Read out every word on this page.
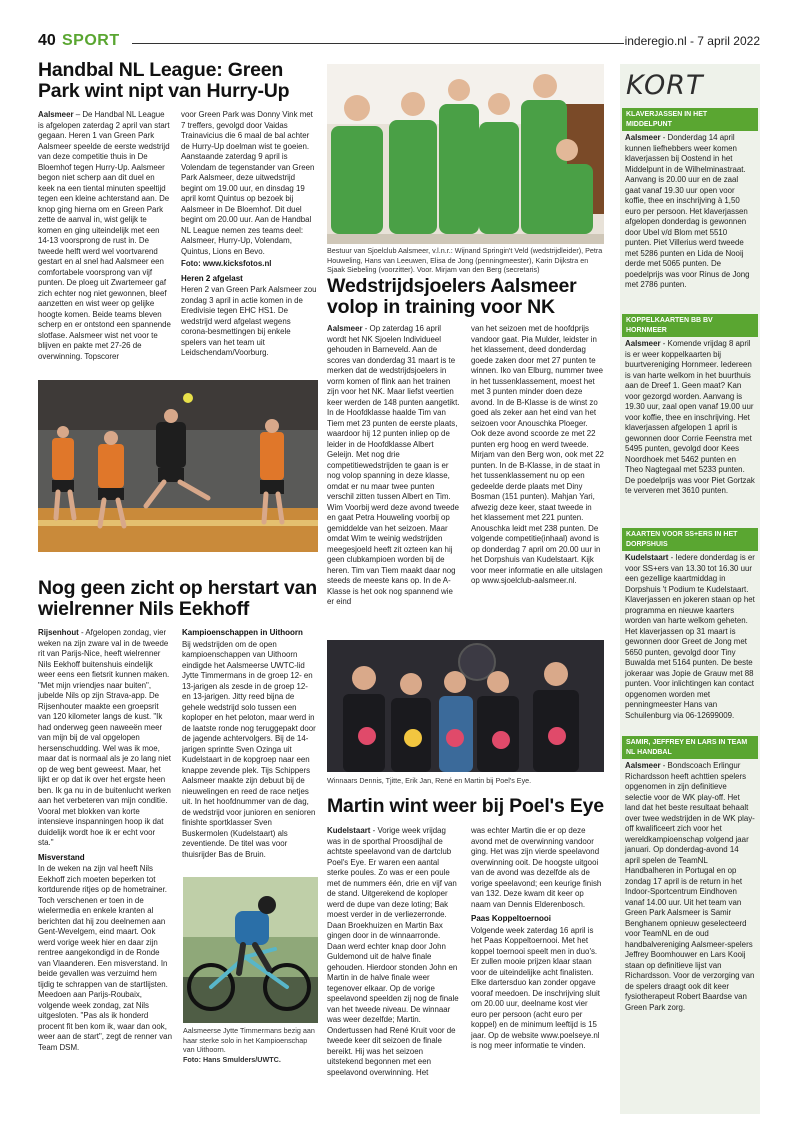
40 SPORT	inderegio.nl - 7 april 2022
Handbal NL League: Green Park wint nipt van Hurry-Up

Aalsmeer – De Handbal NL League is afgelopen zaterdag 2 april van start gegaan. Heren 1 van Green Park Aalsmeer speelde de eerste wedstrijd van deze competitie thuis in De Bloemhof tegen Hurry-Up. Aalsmeer begon niet scherp aan dit duel en keek na een tiental minuten speeltijd tegen een kleine achterstand aan. De knop ging hierna om en Green Park zette de aanval in, wist gelijk te komen en ging uiteindelijk met een 14-13 voorsprong de rust in. De tweede helft werd wel voortvarend gestart en al snel had Aalsmeer een comfortabele voorsprong van vijf punten. De ploeg uit Zwartemeer gaf zich echter nog niet gewonnen, bleef aanzetten en wist weer op gelijke hoogte komen. Beide teams bleven scherp en er ontstond een spannende slotfase. Aalsmeer wist net voor te blijven en pakte met 27-26 de overwinning. Topscorer

voor Green Park was Donny Vink met 7 treffers, gevolgd door Vaidas Trainavicius die 6 maal de bal achter de Hurry-Up doelman wist te goeien. Aanstaande zaterdag 9 april is Volendam de tegenstander van Green Park Aalsmeer, deze uitwedstrijd begint om 19.00 uur, en dinsdag 19 april komt Quintus op bezoek bij Aalsmeer in De Bloemhof. Dit duel begint om 20.00 uur. Aan de Handbal NL League nemen zes teams deel: Aalsmeer, Hurry-Up, Volendam, Quintus, Lions en Bevo.

Foto: www.kicksfotos.nl

Heren 2 afgelast

Heren 2 van Green Park Aalsmeer zou zondag 3 april in actie komen in de Eredivisie tegen EHC HS1. De wedstrijd werd afgelast wegens corona-besmettingen bij enkele spelers van het team uit Leidschendam/Voorburg.

Nog geen zicht op herstart van wielrenner Nils Eekhoff

Rijsenhout - Afgelopen zondag, vier weken na zijn zware val in de tweede rit van Parijs-Nice, heeft wielrenner Nils Eekhoff buitenshuis eindelijk weer eens een fietsrit kunnen maken. "Met mijn vriendjes naar buiten", jubelde Nils op zijn Strava-app. De Rijsenhouter maakte een groepsrit van 120 kilometer langs de kust. "Ik had onderweg geen naweeën meer van mijn bij de val opgelopen hersenschudding. Wel was ik moe, maar dat is normaal als je zo lang niet op de weg bent geweest. Maar, het lijkt er op dat ik over het ergste heen ben. Ik ga nu in de buitenlucht werken aan het verbeteren van mijn conditie. Vooral met blokken van korte intensieve inspanningen hoop ik dat duidelijk wordt hoe ik er echt voor sta."

Misverstand

In de weken na zijn val heeft Nils Eekhoff zich moeten beperken tot kortdurende ritjes op de hometrainer. Toch verschenen er toen in de wielermedia en enkele kranten al berichten dat hij zou deelnemen aan Gent-Wevelgem, eind maart. Ook werd vorige week hier en daar zijn rentree aangekondigd in de Ronde van Vlaanderen. Een misverstand. In beide gevallen was verzuimd hem tijdig te schrappen van de startlijsten. Meedoen aan Parijs-Roubaix, volgende week zondag, zat Nils uitgesloten. "Pas als ik honderd procent fit ben kom ik, waar dan ook, weer aan de start", zegt de renner van Team DSM.

Kampioenschappen in Uithoorn

Bij wedstrijden om de open kampioenschappen van Uithoorn eindigde het Aalsmeerse UWTC-lid Jytte Timmermans in de groep 12- en 13-jarigen als zesde in de groep 12- en 13-jarigen. Jitty reed bijna de gehele wedstrijd solo tussen een koploper en het peloton, maar werd in de laatste ronde nog teruggepakt door de jagende achtervolgers. Bij de 14-jarigen sprintte Sven Ozinga uit Kudelstaart in de kopgroep naar een knappe zevende plek. Tijs Schippers Aalsmeer maakte zijn debuut bij de nieuwelingen en reed de race netjes uit. In het hoofdnummer van de dag, de wedstrijd voor junioren en senioren finishte sportklasser Sven Buskermolen (Kudelstaart) als zeventiende. De titel was voor thuisrijder Bas de Bruin.

Aalsmeerse Jytte Timmermans bezig aan haar sterke solo in het Kampioenschap van Uithoorn.
Foto: Hans Smulders/UWTC.
Bestuur van Sjoelclub Aalsmeer, v.l.n.r.: Wijnand Springin't Veld (wedstrijdleider), Petra Houweling, Hans van Leeuwen, Elisa de Jong (penningmeester), Karin Dijkstra en Sjaak Siebeling (voorzitter). Voor. Mirjam van den Berg (secretaris)
Wedstrijdsjoelers Aalsmeer volop in training voor NK

Aalsmeer - Op zaterdag 16 april wordt het NK Sjoelen Individueel gehouden in Barneveld. Aan de scores van donderdag 31 maart is te merken dat de wedstrijdsjoelers in vorm komen of flink aan het trainen zijn voor het NK. Maar liefst veertien keer werden de 148 punten aangetikt. In de Hoofdklasse haalde Tim van Tiem met 23 punten de eerste plaats, waardoor hij 12 punten inliep op de leider in de Hoofdklasse Albert Geleijn. Met nog drie competitiewedstrijden te gaan is er nog volop spanning in deze klasse, omdat er nu maar twee punten verschil zitten tussen Albert en Tim. Wim Voorbij werd deze avond tweede en gaat Petra Houweling voorbij op gemiddelde van het seizoen. Maar omdat Wim te weinig wedstrijden meegesjoeld heeft zit ozteen kan hij geen clubkampioen worden bij de heren. Tim van Tiem maakt daar nog steeds de meeste kans op. In de A-Klasse is het ook nog spannend wie er eind

van het seizoen met de hoofdprijs vandoor gaat. Pia Mulder, leidster in het klassement, deed donderdag goede zaken door met 27 punten te winnen. Iko van Elburg, nummer twee in het tussenklassement, moest het met 3 punten minder doen deze avond. In de B-Klasse is de winst zo goed als zeker aan het eind van het seizoen voor Anouschka Ploeger. Ook deze avond scoorde ze met 22 punten erg hoog en werd tweede. Mirjam van den Berg won, ook met 22 punten. In de B-Klasse, in de staat in het tussenklassement nu op een gedeelde derde plaats met Diny Bosman (151 punten). Mahjan Yari, afwezig deze keer, staat tweede in het klassement met 221 punten. Anouschka leidt met 238 punten. De volgende competitie(inhaal) avond is op donderdag 7 april om 20.00 uur in het Dorpshuis van Kudelstaart. Kijk voor meer informatie en alle uitslagen op www.sjoelclub-aalsmeer.nl.

Winnaars Dennis, Tjitte, Erik Jan, René en Martin bij Poel's Eye.
Martin wint weer bij Poel's Eye

Kudelstaart - Vorige week vrijdag was in de sporthal Proosdijhal de achtste speelavond van de dartclub Poel's Eye. Er waren een aantal sterke poules. Zo was er een poule met de nummers één, drie en vijf van de stand. Uitgerekend de koploper werd de dupe van deze loting; Bak moest verder in de verliezerronde. Daan Broekhuizen en Martin Bax gingen door in de winnaarronde. Daan werd echter knap door John Guldemond uit de halve finale gehouden. Hierdoor stonden John en Martin in de halve finale weer tegenover elkaar. Op de vorige speelavond speelden zij nog de finale van het tweede niveau. De winnaar was weer dezelfde; Martin. Ondertussen had René Kruit voor de tweede keer dit seizoen de finale bereikt. Hij was het seizoen uitstekend begonnen met een speelavond overwinning. Het

was echter Martin die er op deze avond met de overwinning vandoor ging. Het was zijn vierde speelavond overwinning ooit. De hoogste uitgooi van de avond was dezelfde als de vorige speelavond; een keurige finish van 132. Deze kwam dit keer op naam van Dennis Elderenbosch.

Paas Koppeltoernooi

Volgende week zaterdag 16 april is het Paas Koppeltoernooi. Met het koppel toernooi speelt men in duo's. Er zullen mooie prijzen klaar staan voor de uiteindelijke acht finalisten. Elke dartersduo kan zonder opgave vooraf meedoen. De inschrijving sluit om 20.00 uur, deelname kost vier euro per persoon (acht euro per koppel) en de minimum leeftijd is 15 jaar. Op de website www.poelseye.nl is nog meer informatie te vinden.

KORT
KLAVERJASSEN IN HET MIDDELPUNT
Aalsmeer - Donderdag 14 april kunnen liefhebbers weer komen klaverjassen bij Oostend in het Middelpunt in de Wilhelminastraat. Aanvang is 20.00 uur en de zaal gaat vanaf 19.30 uur open voor koffie, thee en inschrijving à 1,50 euro per persoon. Het klaverjassen afgelopen donderdag is gewonnen door Ubel v/d Blom met 5510 punten. Piet Villerius werd tweede met 5286 punten en Lida de Nooij derde met 5065 punten. De poedelprijs was voor Rinus de Jong met 2786 punten.
KOPPELKAARTEN BB BV HORNMEER
Aalsmeer - Komende vrijdag 8 april is er weer koppelkaarten bij buurtvereniging Hornmeer. Iedereen is van harte welkom in het buurthuis aan de Dreef 1. Geen maat? Kan voor gezorgd worden. Aanvang is 19.30 uur, zaal open vanaf 19.00 uur voor koffie, thee en inschrijving. Het klaverjassen afgelopen 1 april is gewonnen door Corrie Feenstra met 5495 punten, gevolgd door Kees Noordhoek met 5462 punten en Theo Nagtegaal met 5233 punten. De poedelprijs was voor Piet Gortzak te ververen met 3610 punten.
KAARTEN VOOR SS+ERS IN HET DORPSHUIS
Kudelstaart - Iedere donderdag is er voor SS+ers van 13.30 tot 16.30 uur een gezellige kaartmiddag in Dorpshuis 't Podium te Kudelstaart. Klaverjassen en jokeren staan op het programma en nieuwe kaarters worden van harte welkom geheten. Het klaverjassen op 31 maart is gewonnen door Greet de Jong met 5650 punten, gevolgd door Tiny Buwalda met 5164 punten. De beste jokeraar was Jopie de Grauw met 88 punten. Voor inlichtingen kan contact opgenomen worden met penningmeester Hans van Schuilenburg via 06-12699009.
SAMIR, JEFFREY EN LARS IN TEAM NL HANDBAL
Aalsmeer - Bondscoach Erlingur Richardsson heeft achttien spelers opgenomen in zijn definitieve selectie voor de WK play-off. Het land dat het beste resultaat behaalt over twee wedstrijden in de WK play-off kwalificeert zich voor het wereldkampioenschap volgend jaar januari. Op donderdag-avond 14 april spelen de TeamNL Handbalheren in Portugal en op zondag 17 april is de return in het Indoor-Sportcentrum Eindhoven vanaf 14.00 uur. Uit het team van Green Park Aalsmeer is Samir Benghanem opnieuw geselecteerd voor TeamNL en de oud handbalvereniging Aalsmeer-spelers Jeffrey Boomhouwer en Lars Kooij staan op definitieve lijst van Richardsson. Voor de verzorging van de spelers draagt ook dit keer fysiotherapeut Robert Baardse van Green Park zorg.
